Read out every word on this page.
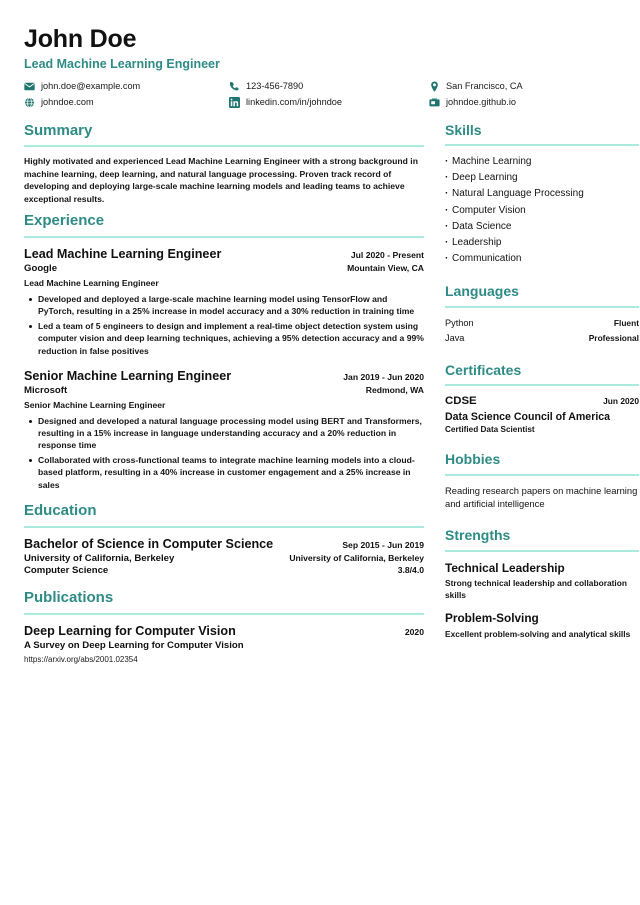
John Doe
Lead Machine Learning Engineer
john.doe@example.com	123-456-7890	San Francisco, CA
johndoe.com	linkedin.com/in/johndoe	johndoe.github.io
Summary

Highly motivated and experienced Lead Machine Learning Engineer with a strong background in machine learning, deep learning, and natural language processing. Proven track record of developing and deploying large-scale machine learning models and leading teams to achieve exceptional results.

Experience
Lead Machine Learning Engineer	Jul 2020 - Present
Google	Mountain View, CA
Lead Machine Learning Engineer
Developed and deployed a large-scale machine learning model using TensorFlow and PyTorch, resulting in a 25% increase in model accuracy and a 30% reduction in training time
Led a team of 5 engineers to design and implement a real-time object detection system using computer vision and deep learning techniques, achieving a 95% detection accuracy and a 99% reduction in false positives
Senior Machine Learning Engineer	Jan 2019 - Jun 2020
Microsoft	Redmond, WA
Senior Machine Learning Engineer
Designed and developed a natural language processing model using BERT and Transformers, resulting in a 15% increase in language understanding accuracy and a 20% reduction in response time
Collaborated with cross-functional teams to integrate machine learning models into a cloud-based platform, resulting in a 40% increase in customer engagement and a 25% increase in sales
Education
Bachelor of Science in Computer Science	Sep 2015 - Jun 2019
University of California, Berkeley	University of California, Berkeley
Computer Science	3.8/4.0
Publications
Deep Learning for Computer Vision	2020
A Survey on Deep Learning for Computer Vision
https://arxiv.org/abs/2001.02354
Skills
· Machine Learning
· Deep Learning
· Natural Language Processing
· Computer Vision
· Data Science
· Leadership
· Communication
Languages
Python	Fluent
Java	Professional
Certificates
CDSE	Jun 2020
Data Science Council of America
Certified Data Scientist
Hobbies

Reading research papers on machine learning and artificial intelligence

Strengths
Technical Leadership
Strong technical leadership and collaboration skills
Problem-Solving
Excellent problem-solving and analytical skills
